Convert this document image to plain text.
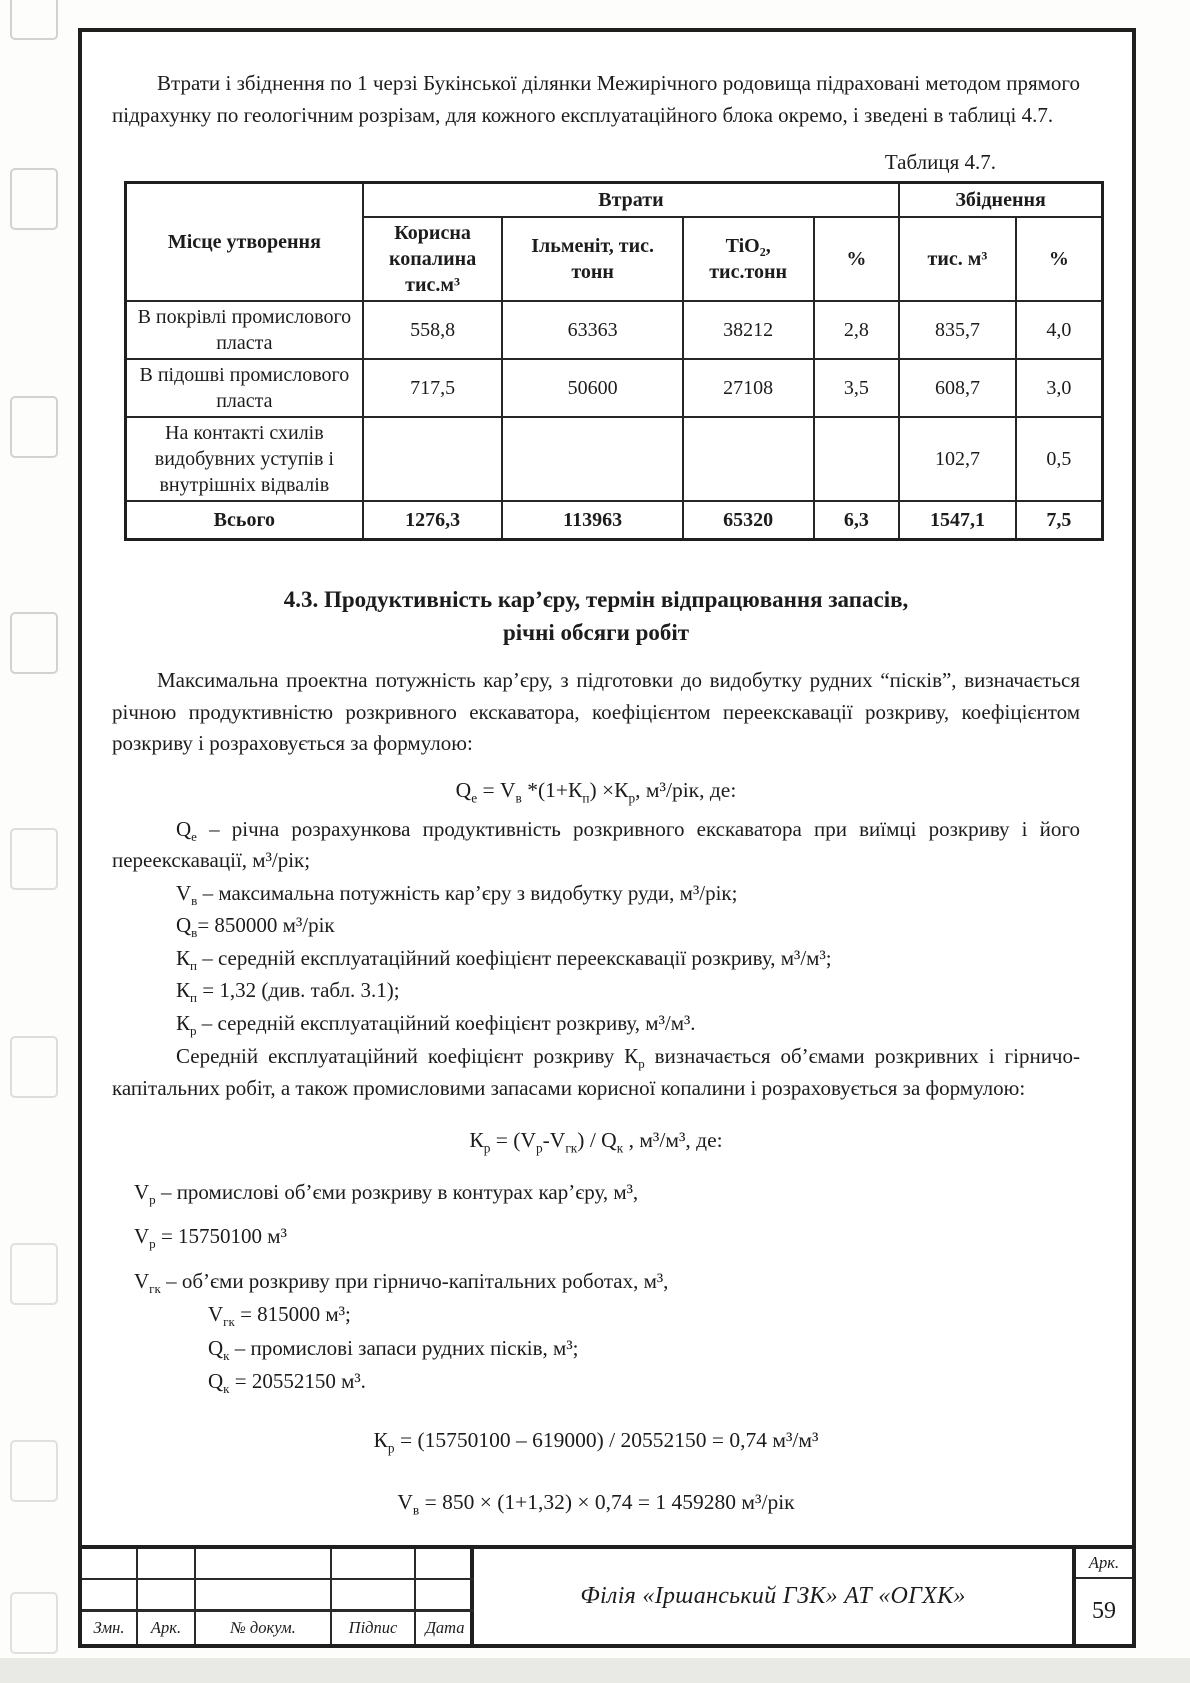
Втрати і збіднення по 1 черзі Букінської ділянки Межирічного родовища підраховані методом прямого підрахунку по геологічним розрізам, для кожного експлуатаційного блока окремо, і зведені в таблиці 4.7.

Таблиця 4.7.
Місце утворення	Втрати				Збіднення	
	Корисна копалина тис.м³	Ільменіт, тис. тонн	TiO₂, тис.тонн	%	тис. м³	%
В покрівлі промислового пласта	558,8	63363	38212	2,8	835,7	4,0
В підошві промислового пласта	717,5	50600	27108	3,5	608,7	3,0
На контакті схилів видобувних уступів і внутрішніх відвалів					102,7	0,5
Всього	1276,3	113963	65320	6,3	1547,1	7,5
4.3. Продуктивність кар’єру, термін відпрацювання запасів,
річні обсяги робіт

Максимальна проектна потужність кар’єру, з підготовки до видобутку рудних “пісків”, визначається річною продуктивністю розкривного екскаватора, коефіцієнтом переекскавації розкриву, коефіцієнтом розкриву і розраховується за формулою:

$Q_е = V_в$ $*(1+К_п) \times К_р$, м³/рік, де:

$Q_е$ – річна розрахункова продуктивність розкривного екскаватора при виїмці розкриву і його переекскавації, м³/рік;

$V_в$ – максимальна потужність кар’єру з видобутку руди, м³/рік;

$Q_в= 850000$ м³/рік

$К_п$ – середній експлуатаційний коефіцієнт переекскавації розкриву, м³/м³;

$К_п = 1,32$ (див. табл. 3.1);

$К_р$ – середній експлуатаційний коефіцієнт розкриву, м³/м³.

Середній експлуатаційний коефіцієнт розкриву $К_р$ визначається об’ємами розкривних і гірничо-капітальних робіт, а також промисловими запасами корисної копалини і розраховується за формулою:

$К_р = (V_р-V_{гк}) / Q_к$ , м³/м³, де:

$V_р$ – промислові об’єми розкриву в контурах кар’єру, м³,

$V_р = 15750100$ м³

$V_{гк}$ – об’єми розкриву при гірничо-капітальних роботах, м³,

$V_{гк} = 815000$ м³;

$Q_к$ – промислові запаси рудних пісків, м³;

$Q_к = 20552150$ м³.

$К_р = (15750100 - 619000) / 20552150 = 0,74$ м³/м³

$V_в = 850 \times (1+1,32) \times 0,74 = 1$ 459280 м³/рік

Змн.	Арк.	№ докум.	Підпис	Дата
Філія «Іршанський ГЗК» АТ «ОГХК»
Арк.
59
